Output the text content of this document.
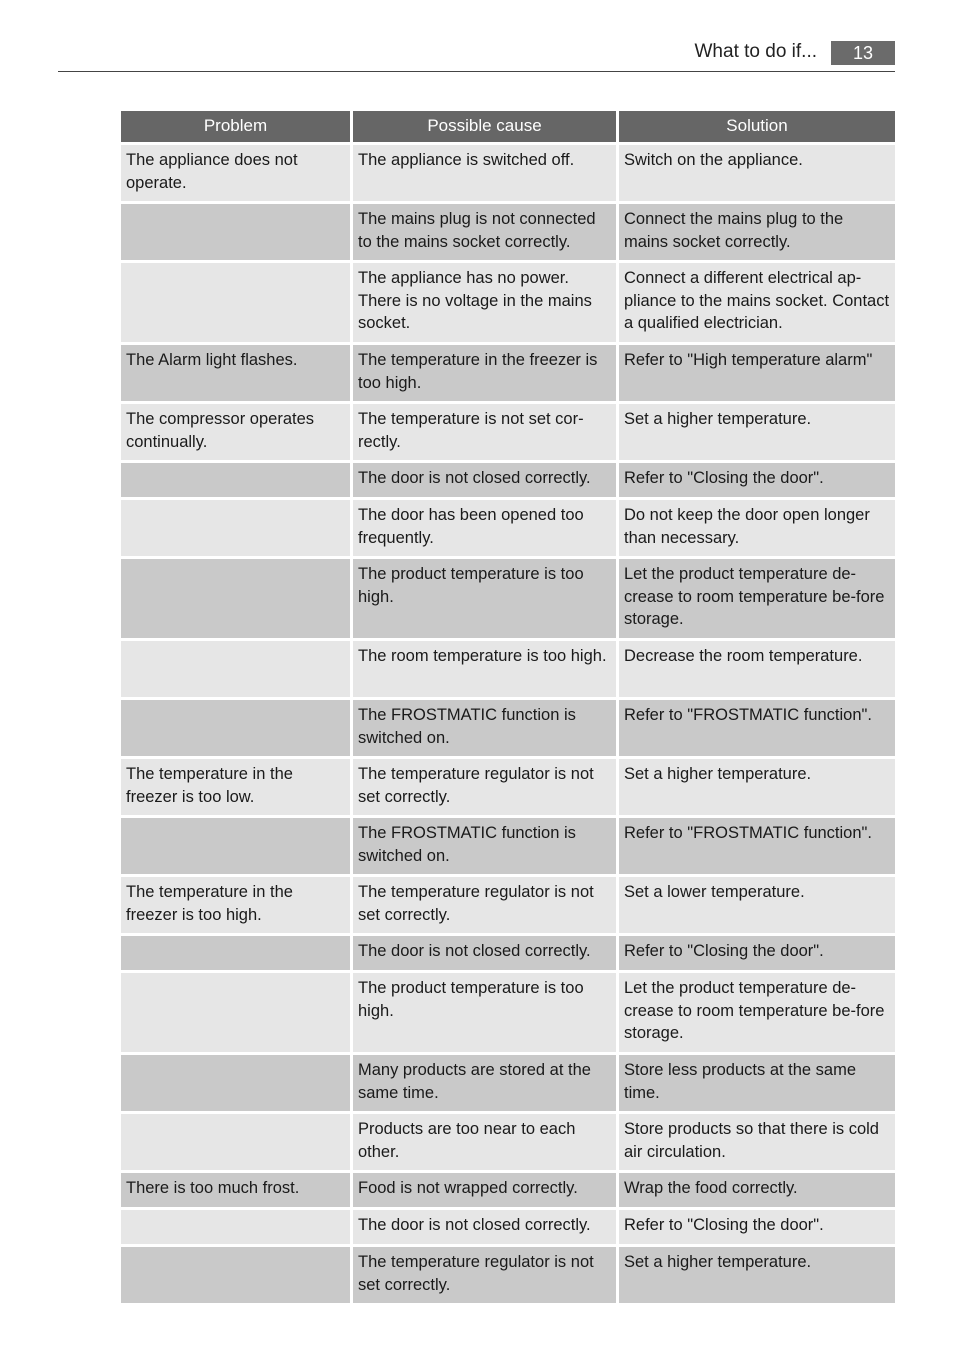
What to do if...	13
Problem	Possible cause	Solution
The appliance does not operate.	The appliance is switched off.	Switch on the appliance.
	The mains plug is not connected to the mains socket correctly.	Connect the mains plug to the mains socket correctly.
	The appliance has no power. There is no voltage in the mains socket.	Connect a different electrical ap-pliance to the mains socket. Contact a qualified electrician.
The Alarm light flashes.	The temperature in the freezer is too high.	Refer to "High temperature alarm"
The compressor operates continually.	The temperature is not set cor-rectly.	Set a higher temperature.
	The door is not closed correctly.	Refer to "Closing the door".
	The door has been opened too frequently.	Do not keep the door open longer than necessary.
	The product temperature is too high.	Let the product temperature de-crease to room temperature be-fore storage.
	The room temperature is too high.	Decrease the room temperature.
	The FROSTMATIC function is switched on.	Refer to "FROSTMATIC function".
The temperature in the freezer is too low.	The temperature regulator is not set correctly.	Set a higher temperature.
	The FROSTMATIC function is switched on.	Refer to "FROSTMATIC function".
The temperature in the freezer is too high.	The temperature regulator is not set correctly.	Set a lower temperature.
	The door is not closed correctly.	Refer to "Closing the door".
	The product temperature is too high.	Let the product temperature de-crease to room temperature be-fore storage.
	Many products are stored at the same time.	Store less products at the same time.
	Products are too near to each other.	Store products so that there is cold air circulation.
There is too much frost.	Food is not wrapped correctly.	Wrap the food correctly.
	The door is not closed correctly.	Refer to "Closing the door".
	The temperature regulator is not set correctly.	Set a higher temperature.
